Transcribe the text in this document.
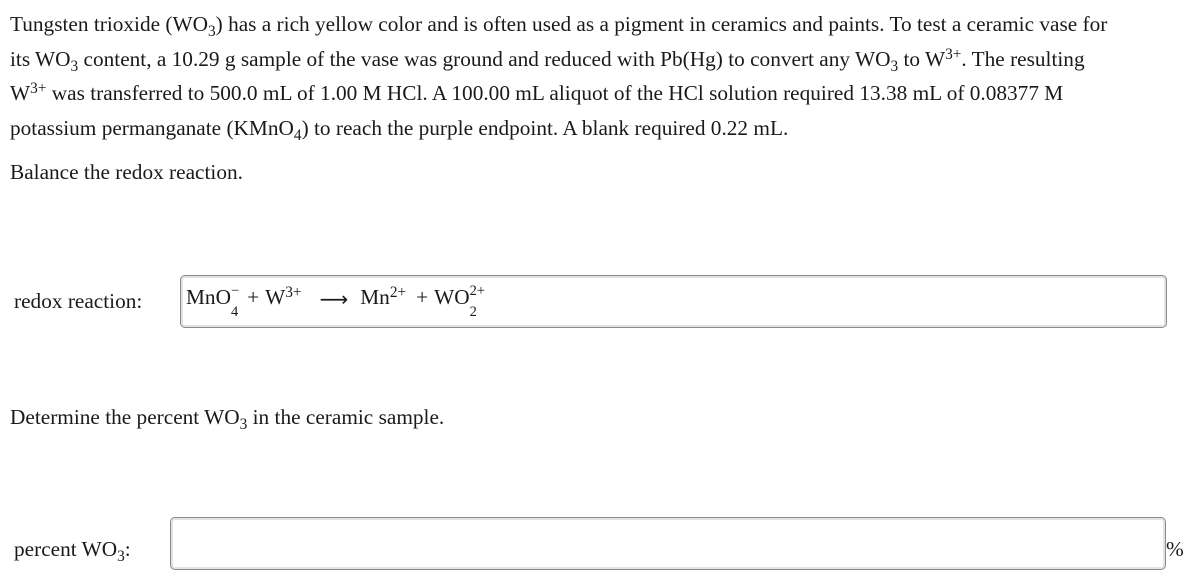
Tungsten trioxide $(WO_3)$ has a rich yellow color and is often used as a pigment in ceramics and paints. To test a ceramic vase for

its $WO_3$ content, a 10.29 g sample of the vase was ground and reduced with Pb(Hg) to convert any $WO_3$ to $W^{3+}$. The resulting

$W^{3+}$ was transferred to 500.0 mL of 1.00 M HCl. A 100.00 mL aliquot of the HCl solution required 13.38 mL of 0.08377 M

potassium permanganate (KMnO$_4$) to reach the purple endpoint. A blank required 0.22 mL.

Balance the redox reaction.

redox reaction: MnO −
4
+ $W^{3+}$ ⟶ $Mn^{2+}$ + WO 2+
2

Determine the percent $WO_3$ in the ceramic sample.

percent $WO_3$:	%
